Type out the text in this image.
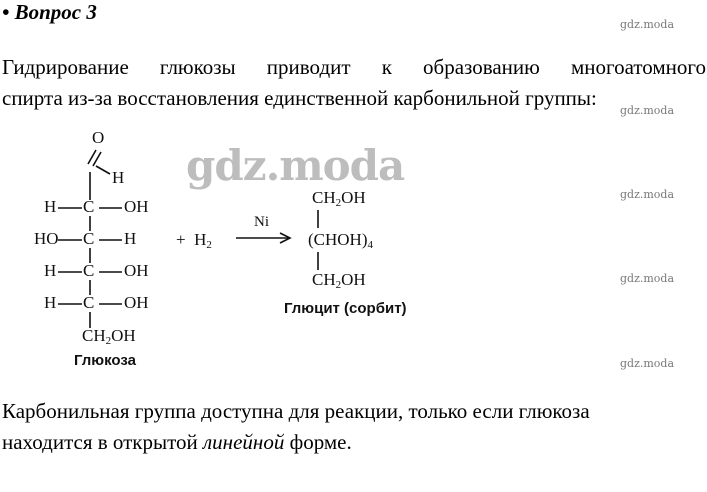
• Вопрос 3
gdz.moda
gdz.moda
gdz.moda
gdz.moda
gdz.moda
Гидрирование глюкозы приводит к образованию многоатомного
спирта из-за восстановления единственной карбонильной группы:
O
H
H C OH
HO C H
H C OH
H C OH
$CH_2OH$
Глюкоза
+  $H_2$
Ni
$CH_2OH$
$(CHOH)_4$
$CH_2OH$
Глюцит (сорбит)
gdz.moda
Карбонильная группа доступна для реакции, только если глюкоза
находится в открытой линейной форме.
